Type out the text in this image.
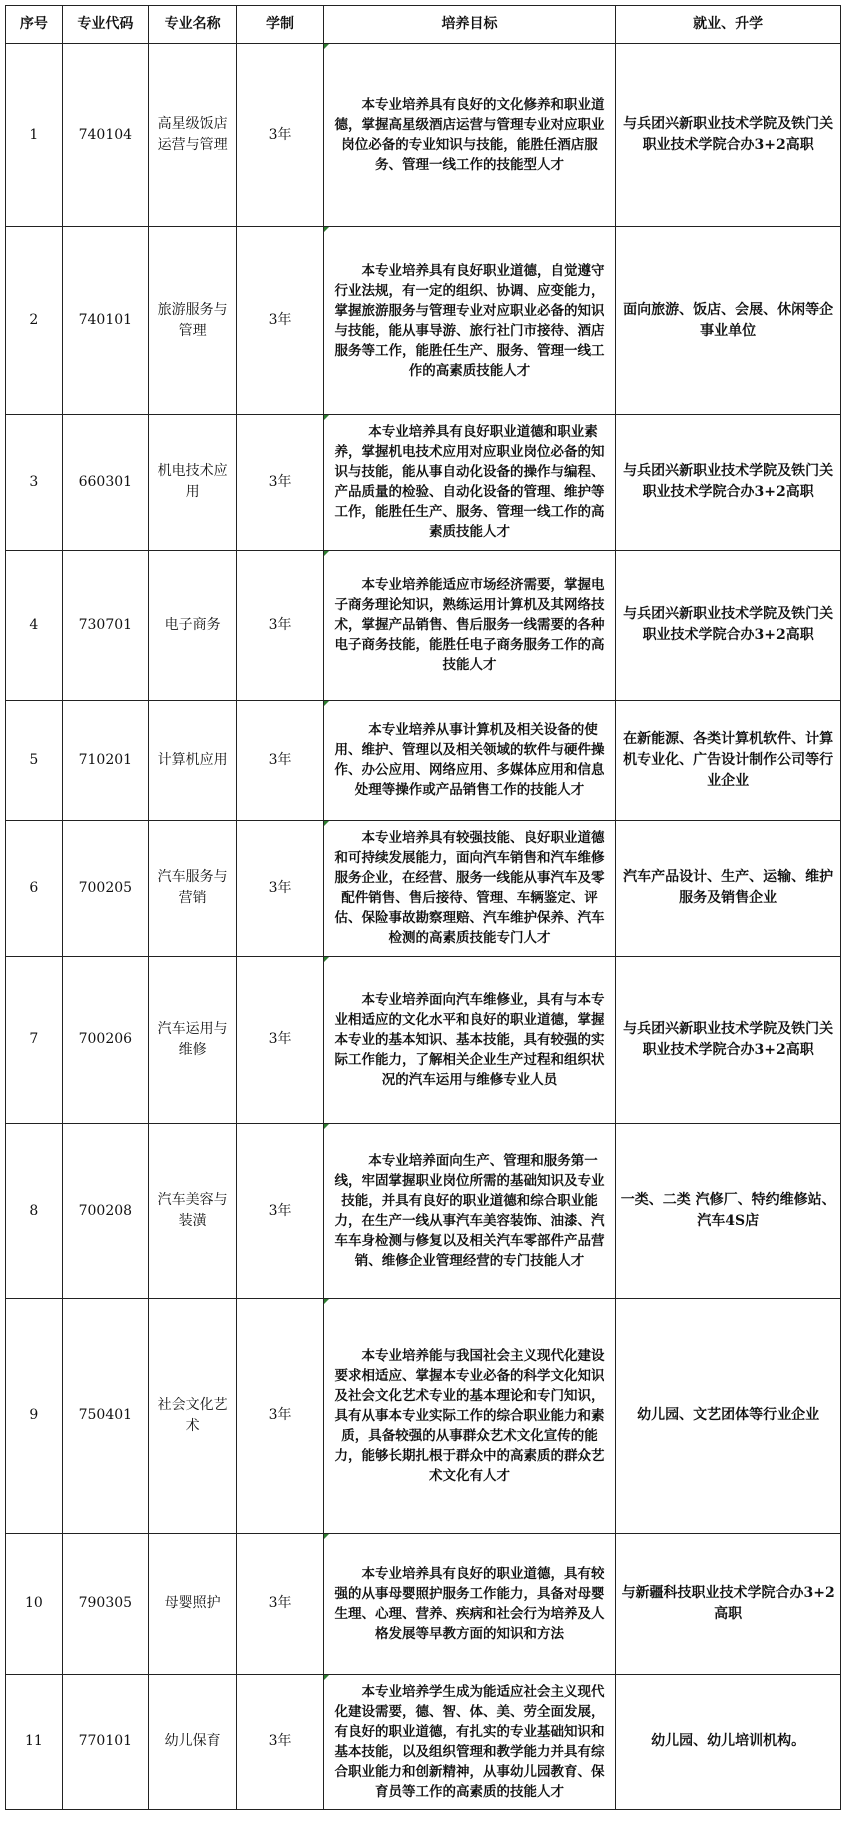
序号	专业代码	专业名称	学制	培养目标	就业、升学
1	740104	高星级饭店运营与管理	3年	本专业培养具有良好的文化修养和职业道德，掌握高星级酒店运营与管理专业对应职业岗位必备的专业知识与技能，能胜任酒店服务、管理一线工作的技能型人才	与兵团兴新职业技术学院及铁门关职业技术学院合办3+2高职
2	740101	旅游服务与管理	3年	本专业培养具有良好职业道德，自觉遵守行业法规，有一定的组织、协调、应变能力，掌握旅游服务与管理专业对应职业必备的知识与技能，能从事导游、旅行社门市接待、酒店服务等工作，能胜任生产、服务、管理一线工作的高素质技能人才	面向旅游、饭店、会展、休闲等企事业单位
3	660301	机电技术应用	3年	本专业培养具有良好职业道德和职业素养，掌握机电技术应用对应职业岗位必备的知识与技能，能从事自动化设备的操作与编程、产品质量的检验、自动化设备的管理、维护等工作，能胜任生产、服务、管理一线工作的高素质技能人才	与兵团兴新职业技术学院及铁门关职业技术学院合办3+2高职
4	730701	电子商务	3年	本专业培养能适应市场经济需要，掌握电子商务理论知识，熟练运用计算机及其网络技术，掌握产品销售、售后服务一线需要的各种电子商务技能，能胜任电子商务服务工作的高技能人才	与兵团兴新职业技术学院及铁门关职业技术学院合办3+2高职
5	710201	计算机应用	3年	本专业培养从事计算机及相关设备的使用、维护、管理以及相关领域的软件与硬件操作、办公应用、网络应用、多媒体应用和信息处理等操作或产品销售工作的技能人才	在新能源、各类计算机软件、计算机专业化、广告设计制作公司等行业企业
6	700205	汽车服务与营销	3年	本专业培养具有较强技能、良好职业道德和可持续发展能力，面向汽车销售和汽车维修服务企业，在经营、服务一线能从事汽车及零配件销售、售后接待、管理、车辆鉴定、评估、保险事故勘察理赔、汽车维护保养、汽车检测的高素质技能专门人才	汽车产品设计、生产、运输、维护服务及销售企业
7	700206	汽车运用与维修	3年	本专业培养面向汽车维修业，具有与本专业相适应的文化水平和良好的职业道德，掌握本专业的基本知识、基本技能，具有较强的实际工作能力，了解相关企业生产过程和组织状况的汽车运用与维修专业人员	与兵团兴新职业技术学院及铁门关职业技术学院合办3+2高职
8	700208	汽车美容与装潢	3年	本专业培养面向生产、管理和服务第一线，牢固掌握职业岗位所需的基础知识及专业技能，并具有良好的职业道德和综合职业能力，在生产一线从事汽车美容装饰、油漆、汽车车身检测与修复以及相关汽车零部件产品营销、维修企业管理经营的专门技能人才	一类、二类 汽修厂、特约维修站、汽车4S店
9	750401	社会文化艺术	3年	本专业培养能与我国社会主义现代化建设要求相适应、掌握本专业必备的科学文化知识及社会文化艺术专业的基本理论和专门知识，具有从事本专业实际工作的综合职业能力和素质，具备较强的从事群众艺术文化宣传的能力，能够长期扎根于群众中的高素质的群众艺术文化有人才	幼儿园、文艺团体等行业企业
10	790305	母婴照护	3年	本专业培养具有良好的职业道德，具有较强的从事母婴照护服务工作能力，具备对母婴生理、心理、营养、疾病和社会行为培养及人格发展等早教方面的知识和方法	与新疆科技职业技术学院合办3+2高职
11	770101	幼儿保育	3年	本专业培养学生成为能适应社会主义现代化建设需要，德、智、体、美、劳全面发展，有良好的职业道德，有扎实的专业基础知识和基本技能，以及组织管理和教学能力并具有综合职业能力和创新精神，从事幼儿园教育、保育员等工作的高素质的技能人才	幼儿园、幼儿培训机构。
